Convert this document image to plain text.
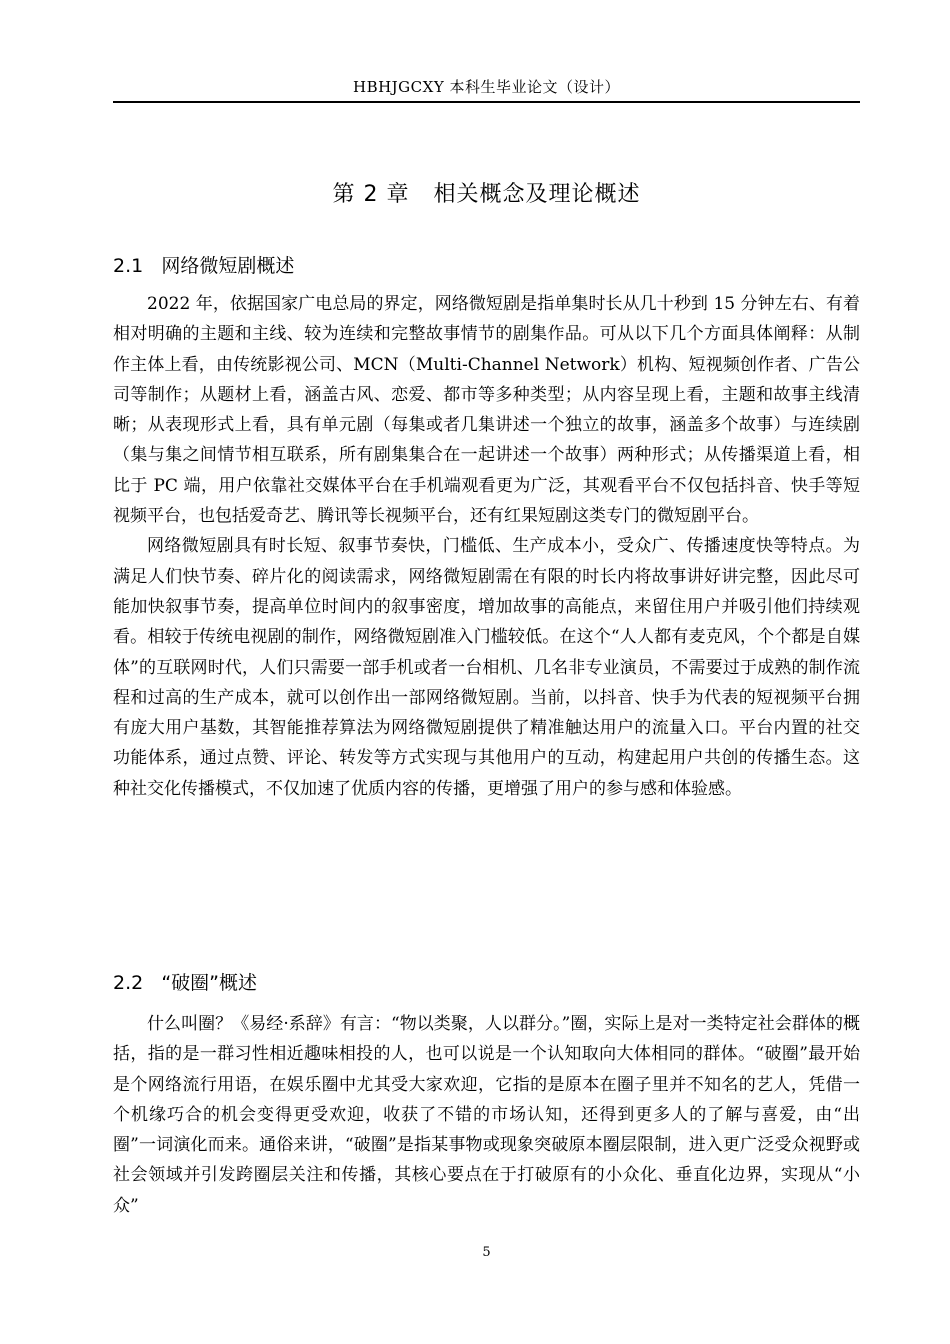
HBHJGCXY 本科生毕业论文（设计）
第 2 章   相关概念及理论概述
2.1   网络微短剧概述

2022 年，依据国家广电总局的界定，网络微短剧是指单集时长从几十秒到 15 分钟左右、有着相对明确的主题和主线、较为连续和完整故事情节的剧集作品。可从以下几个方面具体阐释：从制作主体上看，由传统影视公司、MCN（Multi-Channel Network）机构、短视频创作者、广告公司等制作；从题材上看，涵盖古风、恋爱、都市等多种类型；从内容呈现上看，主题和故事主线清晰；从表现形式上看，具有单元剧（每集或者几集讲述一个独立的故事，涵盖多个故事）与连续剧（集与集之间情节相互联系，所有剧集集合在一起讲述一个故事）两种形式；从传播渠道上看，相比于 PC 端，用户依靠社交媒体平台在手机端观看更为广泛，其观看平台不仅包括抖音、快手等短视频平台，也包括爱奇艺、腾讯等长视频平台，还有红果短剧这类专门的微短剧平台。

网络微短剧具有时长短、叙事节奏快，门槛低、生产成本小，受众广、传播速度快等特点。为满足人们快节奏、碎片化的阅读需求，网络微短剧需在有限的时长内将故事讲好讲完整，因此尽可能加快叙事节奏，提高单位时间内的叙事密度，增加故事的高能点，来留住用户并吸引他们持续观看。相较于传统电视剧的制作，网络微短剧准入门槛较低。在这个“人人都有麦克风，个个都是自媒体”的互联网时代，人们只需要一部手机或者一台相机、几名非专业演员，不需要过于成熟的制作流程和过高的生产成本，就可以创作出一部网络微短剧。当前，以抖音、快手为代表的短视频平台拥有庞大用户基数，其智能推荐算法为网络微短剧提供了精准触达用户的流量入口。平台内置的社交功能体系，通过点赞、评论、转发等方式实现与其他用户的互动，构建起用户共创的传播生态。这种社交化传播模式，不仅加速了优质内容的传播，更增强了用户的参与感和体验感。

2.2   “破圈”概述

什么叫圈？《易经·系辞》有言：“物以类聚，人以群分。”圈，实际上是对一类特定社会群体的概括，指的是一群习性相近趣味相投的人，也可以说是一个认知取向大体相同的群体。“破圈”最开始是个网络流行用语，在娱乐圈中尤其受大家欢迎，它指的是原本在圈子里并不知名的艺人，凭借一个机缘巧合的机会变得更受欢迎，收获了不错的市场认知，还得到更多人的了解与喜爱，由“出圈”一词演化而来。通俗来讲，“破圈”是指某事物或现象突破原本圈层限制，进入更广泛受众视野或社会领域并引发跨圈层关注和传播，其核心要点在于打破原有的小众化、垂直化边界，实现从“小众”

5
